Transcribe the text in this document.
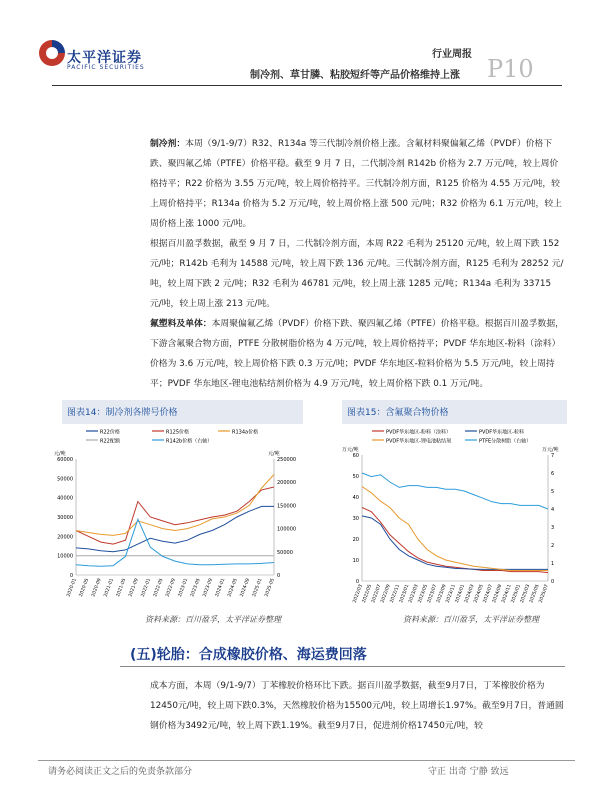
太平洋证券
PACIFIC SECURITIES
行业周报
制冷剂、草甘膦、粘胶短纤等产品价格维持上涨 P10

制冷剂：本周（9/1-9/7）R32、R134a 等三代制冷剂价格上涨。含氟材料聚偏氟乙烯（PVDF）价格下跌、聚四氟乙烯（PTFE）价格平稳。截至 9 月 7 日，二代制冷剂 R142b 价格为 2.7 万元/吨，较上周价格持平；R22 价格为 3.55 万元/吨，较上周价格持平。三代制冷剂方面，R125 价格为 4.55 万元/吨，较上周价格持平；R134a 价格为 5.2 万元/吨，较上周价格上涨 500 元/吨；R32 价格为 6.1 万元/吨，较上周价格上涨 1000 元/吨。

根据百川盈孚数据，截至 9 月 7 日，二代制冷剂方面，本周 R22 毛利为 25120 元/吨，较上周下跌 152 元/吨；R142b 毛利为 14588 元/吨，较上周下跌 136 元/吨。三代制冷剂方面，R125 毛利为 28252 元/吨，较上周下跌 2 元/吨；R32 毛利为 46781 元/吨，较上周上涨 1285 元/吨；R134a 毛利为 33715 元/吨，较上周上涨 213 元/吨。

氟塑料及单体：本周聚偏氟乙烯（PVDF）价格下跌、聚四氟乙烯（PTFE）价格平稳。根据百川盈孚数据，下游含氟聚合物方面，PTFE 分散树脂价格为 4 万元/吨，较上周价格持平；PVDF 华东地区-粉料（涂料）价格为 3.6 万元/吨，较上周价格下跌 0.3 万元/吨；PVDF 华东地区-粒料价格为 5.5 万元/吨，较上周持平；PVDF 华东地区-锂电池粘结剂价格为 4.9 万元/吨，较上周价格下跌 0.1 万元/吨。

图表14：制冷剂各牌号价格
R22价格	R125价格	R134a价格
R22配额	R142b价格（右轴）
元/吨	元/吨
60000
50000
40000
30000
20000
10000
0
250000
200000
150000
100000
50000
0
2020-01 2020-05 2020-09 2021-01 2021-05 2021-09 2022-01 2022-05 2022-09 2023-01 2023-05 2023-09 2024-01 2024-05 2024-09 2025-01 2025-05
资料来源：百川盈孚，太平洋证券整理
图表15：含氟聚合物价格
PVDF华东地区-粉料（涂料）	PVDF华东地区-粒料
PVDF华东地区-锂电池粘结剂	PTFE分散树脂（右轴）
万元/吨	万元/吨
60
50
40
30
20
10
0
7
6
5
4
3
2
1
0
2022/03
2022/05
2022/07
2022/09
2022/11
2023/01
2023/03
2023/05
2023/07
2023/09
2023/11
2024/01
2024/03
2024/05
2024/07
2024/09
2024/11
2025/01
2025/03
2025/05
2025/07
资料来源：百川盈孚，太平洋证券整理
(五)轮胎：合成橡胶价格、海运费回落

成本方面，本周（9/1-9/7）丁苯橡胶价格环比下跌。据百川盈孚数据，截至9月7日，丁苯橡胶价格为12450元/吨，较上周下跌0.3%，天然橡胶价格为15500元/吨，较上周增长1.97%。截至9月7日，普通圆钢价格为3492元/吨，较上周下跌1.19%。截至9月7日，促进剂价格17450元/吨，较

请务必阅读正文之后的免责条款部分	守正 出奇 宁静 致远
